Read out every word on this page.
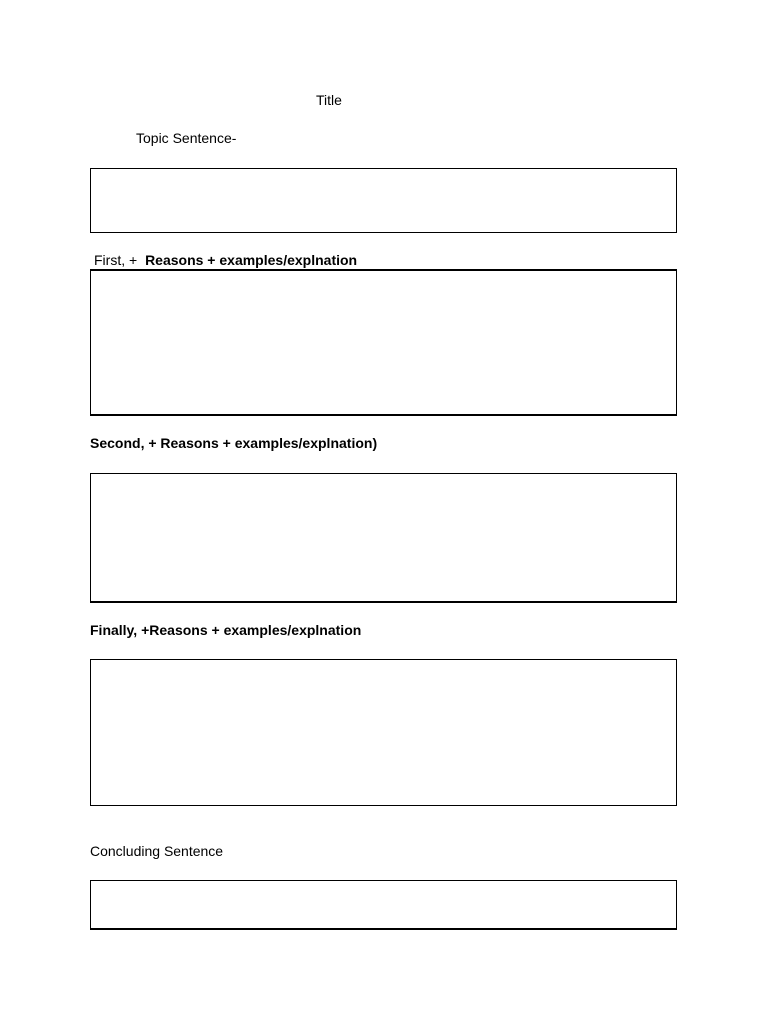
Title
Topic Sentence-
First, + Reasons + examples/explnation
Second, + Reasons + examples/explnation)
Finally, +Reasons + examples/explnation
Concluding Sentence
